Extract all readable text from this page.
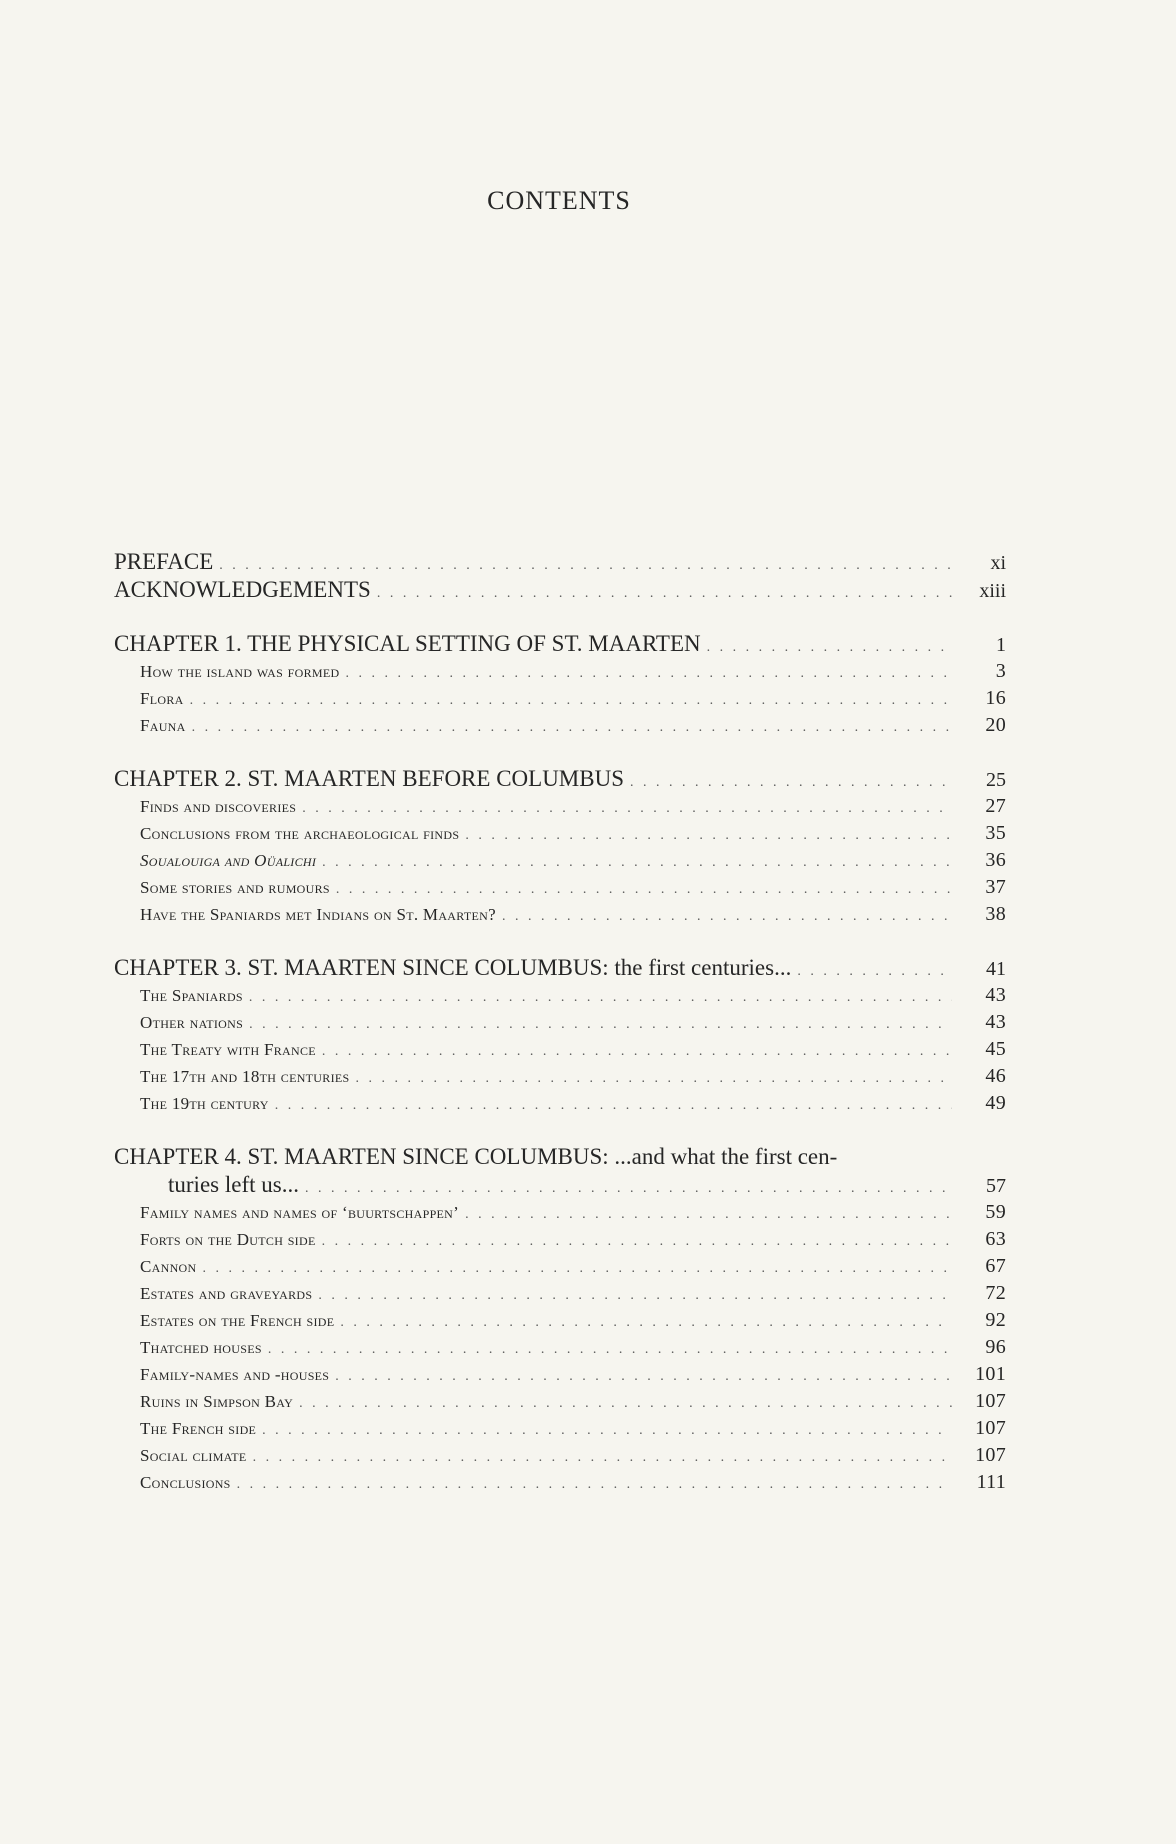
CONTENTS
PREFACE . . .	xi
ACKNOWLEDGEMENTS . . .	xiii
CHAPTER 1. THE PHYSICAL SETTING OF ST. MAARTEN . . .	1
How the island was formed . . .	3
Flora . . .	16
Fauna . . .	20
CHAPTER 2. ST. MAARTEN BEFORE COLUMBUS . . .	25
Finds and discoveries . . .	27
Conclusions from the archaeological finds . . .	35
Soualouiga and Oüalichi . . .	36
Some stories and rumours . . .	37
Have the Spaniards met Indians on St. Maarten? . . .	38
CHAPTER 3. ST. MAARTEN SINCE COLUMBUS: the first centuries... . . .	41
The Spaniards . . .	43
Other nations . . .	43
The Treaty with France . . .	45
The 17th and 18th centuries . . .	46
The 19th century . . .	49
CHAPTER 4. ST. MAARTEN SINCE COLUMBUS: ...and what the first cen-
turies left us... . . .	57
Family names and names of ‘buurtschappen’ . . .	59
Forts on the Dutch side . . .	63
Cannon . . .	67
Estates and graveyards . . .	72
Estates on the French side . . .	92
Thatched houses . . .	96
Family-names and -houses . . .	101
Ruins in Simpson Bay . . .	107
The French side . . .	107
Social climate . . .	107
Conclusions . . .	111
